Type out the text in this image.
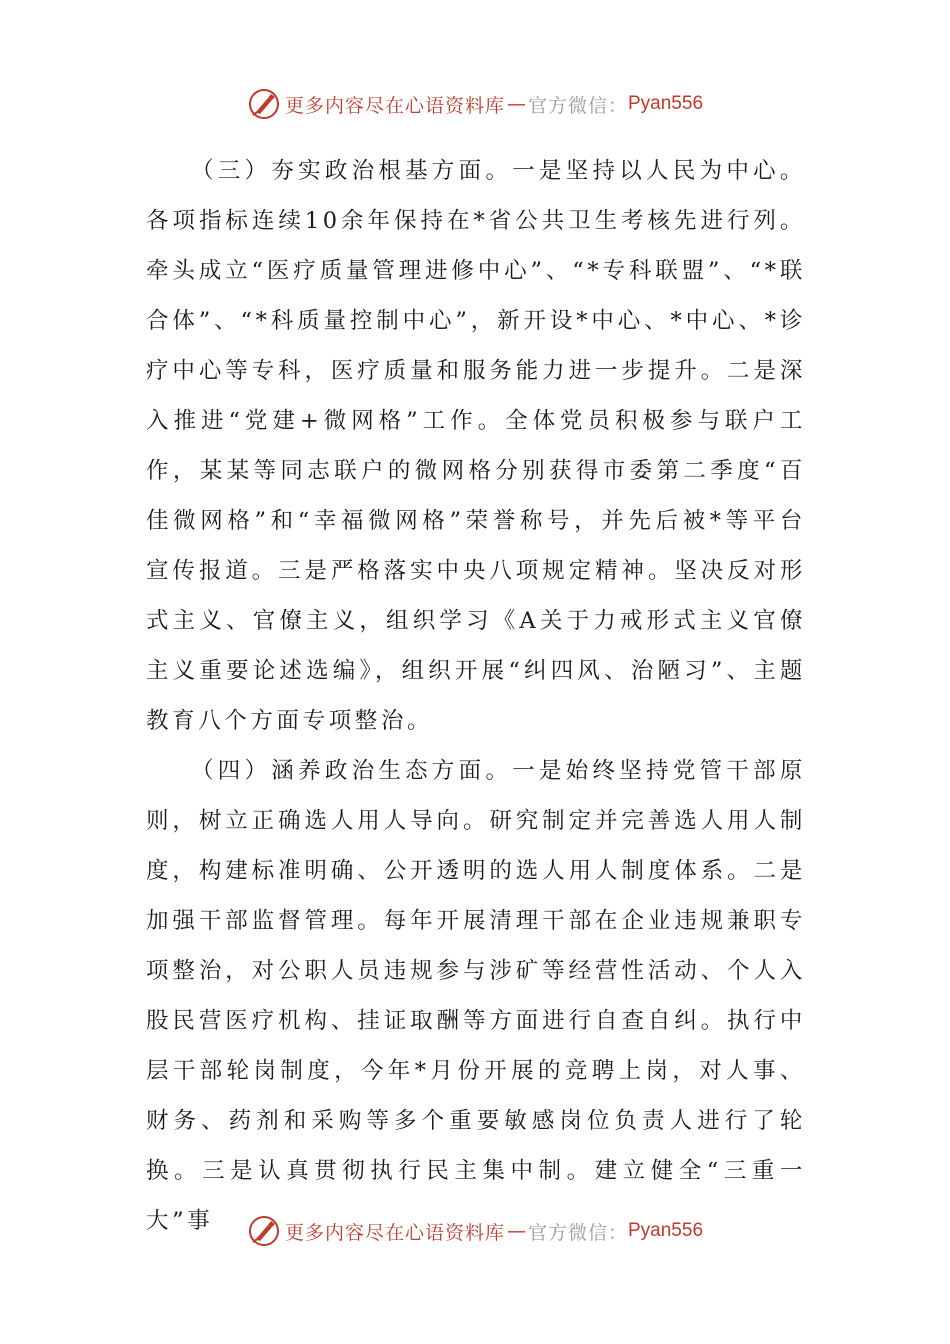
更多内容尽在心语资料库 — 官方微信： Pyan556

（三）夯实政治根基方面。一是坚持以人民为中心。各项指标连续10余年保持在*省公共卫生考核先进行列。牵头成立“医疗质量管理进修中心”、“*专科联盟”、“*联合体”、“*科质量控制中心”，新开设*中心、*中心、*诊疗中心等专科，医疗质量和服务能力进一步提升。二是深入推进“党建+微网格”工作。全体党员积极参与联户工作，某某等同志联户的微网格分别获得市委第二季度“百佳微网格”和“幸福微网格”荣誉称号，并先后被*等平台宣传报道。三是严格落实中央八项规定精神。坚决反对形式主义、官僚主义，组织学习《A关于力戒形式主义官僚主义重要论述选编》，组织开展“纠四风、治陋习”、主题教育八个方面专项整治。

（四）涵养政治生态方面。一是始终坚持党管干部原则，树立正确选人用人导向。研究制定并完善选人用人制度，构建标准明确、公开透明的选人用人制度体系。二是加强干部监督管理。每年开展清理干部在企业违规兼职专项整治，对公职人员违规参与涉矿等经营性活动、个人入股民营医疗机构、挂证取酬等方面进行自查自纠。执行中层干部轮岗制度，今年*月份开展的竞聘上岗，对人事、财务、药剂和采购等多个重要敏感岗位负责人进行了轮换。三是认真贯彻执行民主集中制。建立健全“三重一大”事	更多内容尽在心语资料库 — 官方微信： Pyan556
